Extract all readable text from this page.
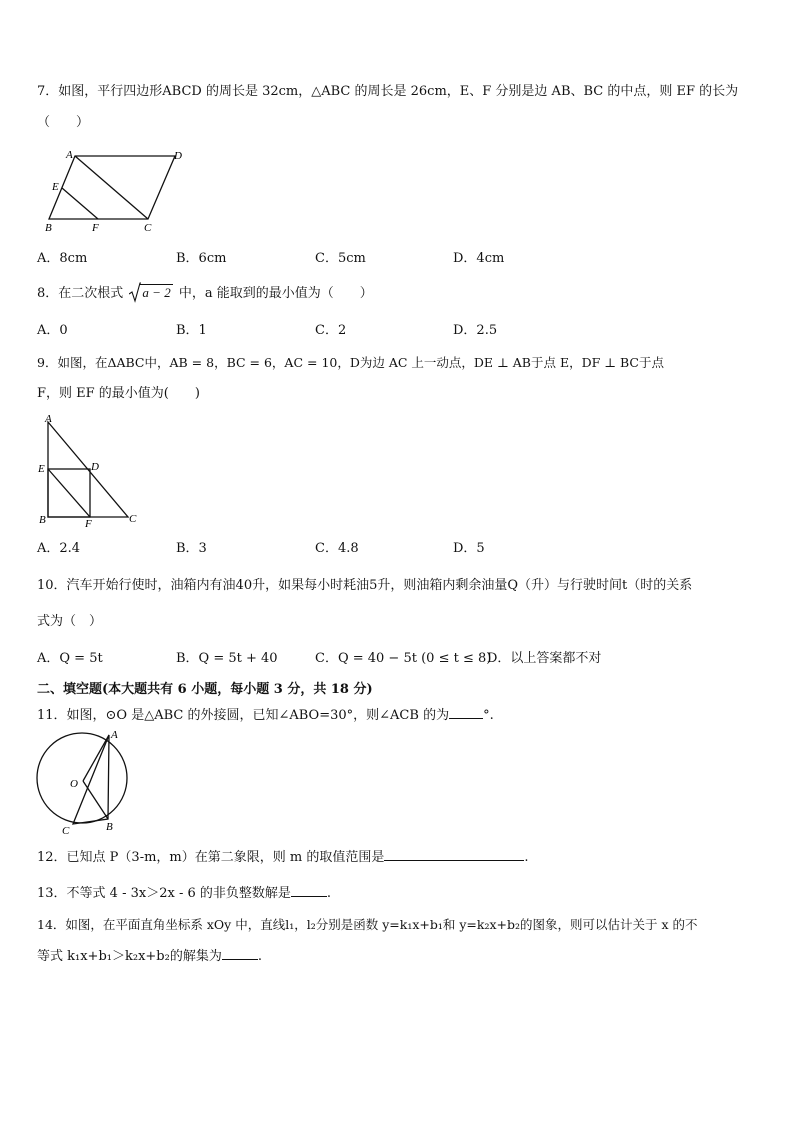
7．如图，平行四边形ABCD 的周长是 32cm，△ABC 的周长是 26cm，E、F 分别是边 AB、BC 的中点，则 EF 的长为
（　　）
A	D
E
B	F	C
A．8cm	B．6cm	C．5cm	D．4cm
8．在二次根式 a − 2 中，a 能取到的最小值为（　　）
A．0	B．1	C．2	D．2.5
9．如图，在ΔABC中，AB = 8，BC = 6，AC = 10，D为边 AC 上一动点，DE ⊥ AB于点 E，DF ⊥ BC于点
F，则 EF 的最小值为(　　)
A
E	D
B	F	C
A．2.4	B．3	C．4.8	D．5
10．汽车开始行使时，油箱内有油40升，如果每小时耗油5升，则油箱内剩余油量Q（升）与行驶时间t（时的关系
式为（　）
A．Q = 5t	B．Q = 5t + 40	C．Q = 40 − 5t (0 ≤ t ≤ 8)
D．以上答案都不对
二、填空题(本大题共有 6 小题，每小题 3 分，共 18 分)
11．如图，⊙O 是△ABC 的外接圆，已知∠ABO=30°，则∠ACB 的为	°.
A
O
C	B
12．已知点 P（3-m，m）在第二象限，则 m 的取值范围是	.
13．不等式 4 - 3x＞2x - 6 的非负整数解是	.
14．如图，在平面直角坐标系 xOy 中，直线l₁，l₂分别是函数 y=k₁x+b₁和 y=k₂x+b₂的图象，则可以估计关于 x 的不
等式 k₁x+b₁＞k₂x+b₂的解集为	.
